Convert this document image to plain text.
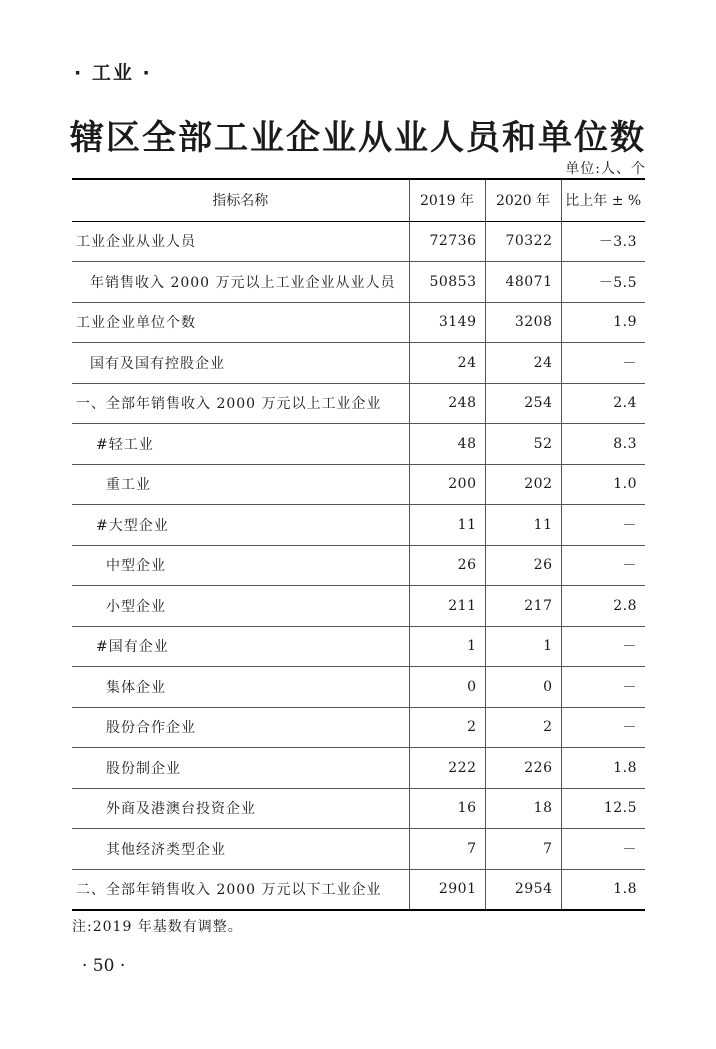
· 工业 ·
辖区全部工业企业从业人员和单位数
单位:人、个
指标名称	2019 年	2020 年	比上年 ± %
工业企业从业人员	72736	70322	－3.3
年销售收入 2000 万元以上工业企业从业人员	50853	48071	－5.5
工业企业单位个数	3149	3208	1.9
国有及国有控股企业	24	24	－
一、全部年销售收入 2000 万元以上工业企业	248	254	2.4
#轻工业	48	52	8.3
重工业	200	202	1.0
#大型企业	11	11	－
中型企业	26	26	－
小型企业	211	217	2.8
#国有企业	1	1	－
集体企业	0	0	－
股份合作企业	2	2	－
股份制企业	222	226	1.8
外商及港澳台投资企业	16	18	12.5
其他经济类型企业	7	7	－
二、全部年销售收入 2000 万元以下工业企业	2901	2954	1.8
注:2019 年基数有调整。
· 50 ·
